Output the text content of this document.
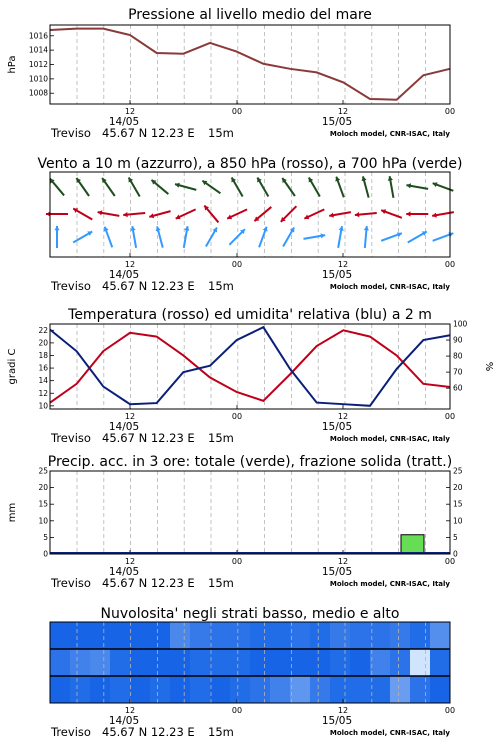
Pressione al livello medio del mare
12	00	12	00
14/05	15/05
Treviso 45.67 N 12.23 E 15m	Moloch model, CNR-ISAC, Italy
1008
1010
1012
1014
1016
hPa
Vento a 10 m (azzurro), a 850 hPa (rosso), a 700 hPa (verde)
12	00	12	00
14/05	15/05
Treviso 45.67 N 12.23 E 15m	Moloch model, CNR-ISAC, Italy
Temperatura (rosso) ed umidita' relativa (blu) a 2 m
12	00	12	00
14/05	15/05
Treviso 45.67 N 12.23 E 15m	Moloch model, CNR-ISAC, Italy
10
12
14
16
18
20
22
60
70
80
90
100
gradi C	%
Precip. acc. in 3 ore: totale (verde), frazione solida (tratt.)
12	00	12	00
14/05	15/05
Treviso 45.67 N 12.23 E 15m	Moloch model, CNR-ISAC, Italy
0
5
10
15
20
25
0
5
10
15
20
25
mm
Nuvolosita' negli strati basso, medio e alto
12	00	12	00
14/05	15/05
Treviso 45.67 N 12.23 E 15m	Moloch model, CNR-ISAC, Italy
